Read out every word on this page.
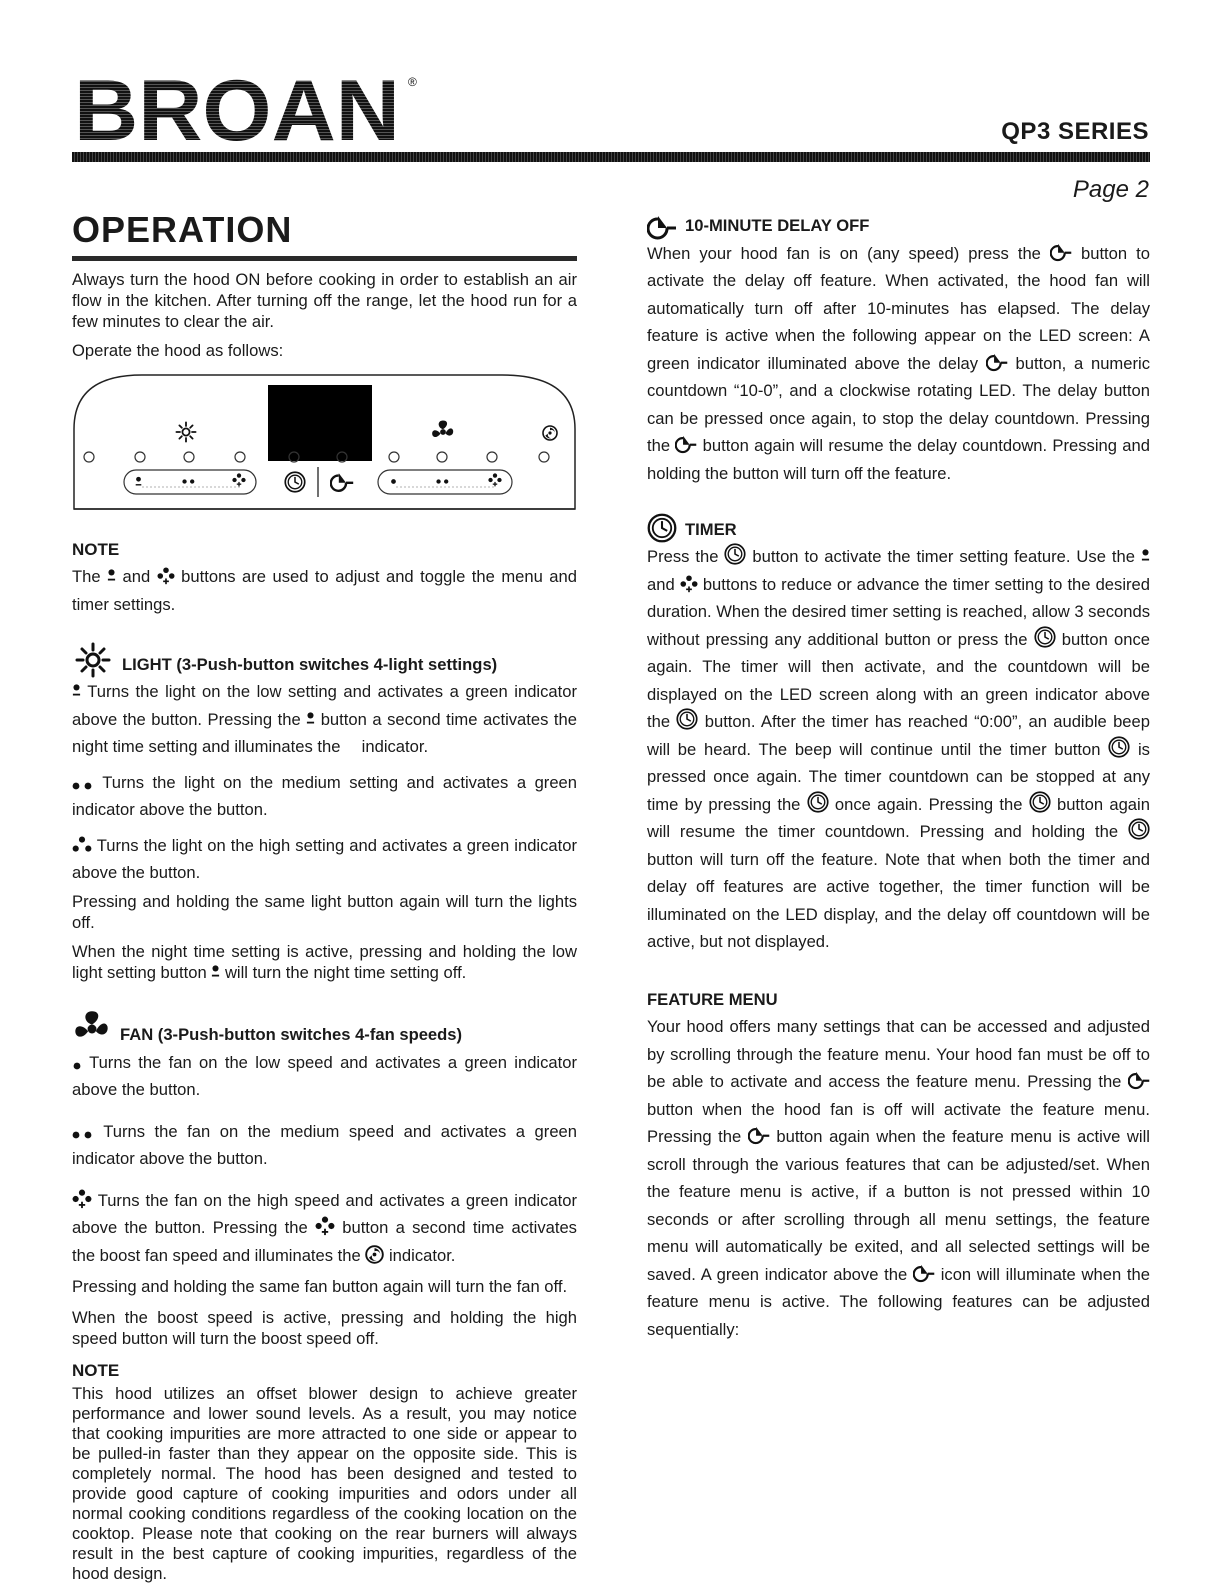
BROAN ®
QP3 SERIES
Page 2
OPERATION

Always turn the hood ON before cooking in order to establish an air flow in the kitchen. After turning off the range, let the hood run for a few minutes to clear the air.

Operate the hood as follows:

NOTE

The and buttons are used to adjust and toggle the menu and timer settings.

LIGHT (3-Push-button switches 4-light settings)

Turns the light on the low setting and activates a green indicator above the button. Pressing the button a second time activates the night time setting and illuminates the indicator.

Turns the light on the medium setting and activates a green indicator above the button.

Turns the light on the high setting and activates a green indicator above the button.

Pressing and holding the same light button again will turn the lights off.

When the night time setting is active, pressing and holding the low light setting button will turn the night time setting off.

FAN (3-Push-button switches 4-fan speeds)

Turns the fan on the low speed and activates a green indicator above the button.

Turns the fan on the medium speed and activates a green indicator above the button.

Turns the fan on the high speed and activates a green indicator above the button. Pressing the button a second time activates the boost fan speed and illuminates the indicator.

Pressing and holding the same fan button again will turn the fan off.

When the boost speed is active, pressing and holding the high speed button will turn the boost speed off.

NOTE

This hood utilizes an offset blower design to achieve greater performance and lower sound levels. As a result, you may notice that cooking impurities are more attracted to one side or appear to be pulled-in faster than they appear on the opposite side. This is completely normal. The hood has been designed and tested to provide good capture of cooking impurities and odors under all normal cooking conditions regardless of the cooking location on the cooktop. Please note that cooking on the rear burners will always result in the best capture of cooking impurities, regardless of the hood design.

10-MINUTE DELAY OFF

When your hood fan is on (any speed) press the button to activate the delay off feature. When activated, the hood fan will automatically turn off after 10-minutes has elapsed. The delay feature is active when the following appear on the LED screen: A green indicator illuminated above the delay button, a numeric countdown “10-0”, and a clockwise rotating LED. The delay button can be pressed once again, to stop the delay countdown. Pressing the button again will resume the delay countdown. Pressing and holding the button will turn off the feature.

TIMER

Press the button to activate the timer setting feature. Use the  and buttons to reduce or advance the timer setting to the desired duration. When the desired timer setting is reached, allow 3 seconds without pressing any additional button or press the button once again. The timer will then activate, and the countdown will be displayed on the LED screen along with an green indicator above the button. After the timer has reached “0:00”, an audible beep will be heard. The beep will continue until the timer button is pressed once again. The timer countdown can be stopped at any time by pressing the once again. Pressing the button again will resume the timer countdown. Pressing and holding the  button will turn off the feature. Note that when both the timer and delay off features are active together, the timer function will be illuminated on the LED display, and the delay off countdown will be active, but not displayed.

FEATURE MENU

Your hood offers many settings that can be accessed and adjusted by scrolling through the feature menu. Your hood fan must be off to be able to activate and access the feature menu. Pressing the  button when the hood fan is off will activate the feature menu. Pressing the button again when the feature menu is active will scroll through the various features that can be adjusted/set. When the feature menu is active, if a button is not pressed within 10 seconds or after scrolling through all menu settings, the feature menu will automatically be exited, and all selected settings will be saved. A green indicator above the icon will illuminate when the feature menu is active. The following features can be adjusted sequentially:
